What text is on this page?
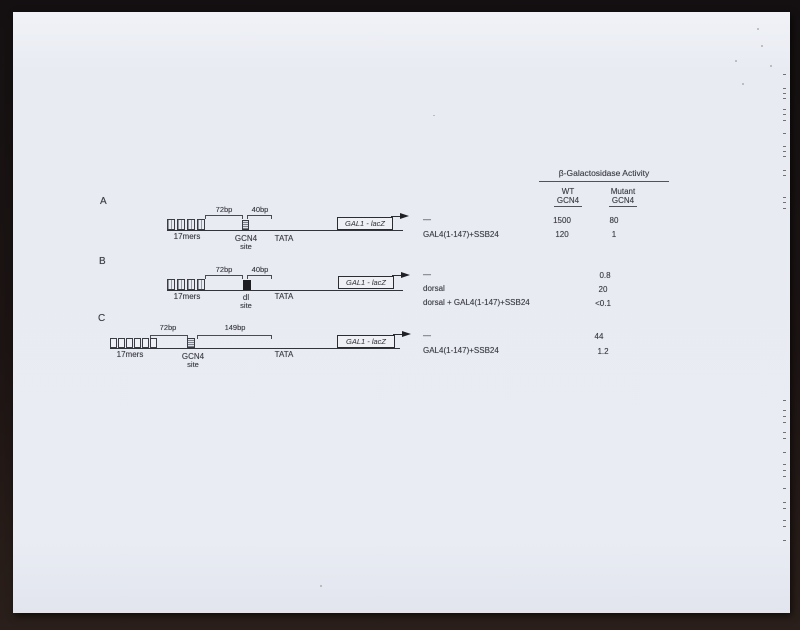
β-Galactosidase Activity
WT
GCN4
Mutant
GCN4
A
72bp	40bp
GAL1 - lacZ
17mers	GCN4
site
TATA
—	1500	80
GAL4(1-147)+SSB24	120	1
B
72bp	40bp
GAL1 - lacZ
17mers	dl
site
TATA
—	0.8
dorsal	20
dorsal + GAL4(1-147)+SSB24	<0.1
C
72bp	149bp
GAL1 - lacZ
17mers	GCN4
site
TATA
—	44
GAL4(1-147)+SSB24	1.2
